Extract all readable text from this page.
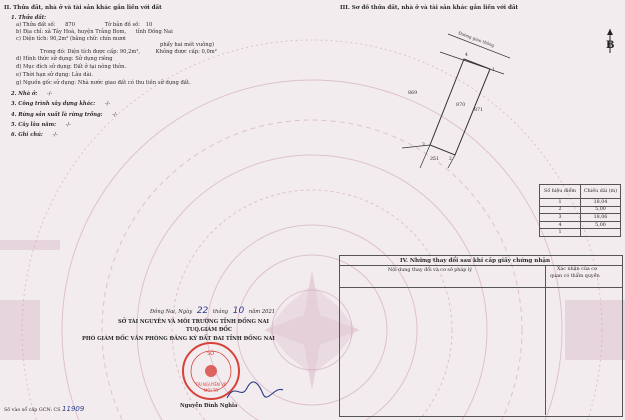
II. Thửa đất, nhà ở và tài sản khác gắn liền với đất
1. Thửa đất:
a) Thửa đất số: 870	Tờ bản đồ số: 10
b) Địa chỉ: xã Tây Hoà, huyện Trảng Bom, tỉnh Đồng Nai
c) Diện tích: 90,2m² (bằng chữ: chín mươi
phẩy hai mét vuông)
Trong đó: Diện tích được cấp: 90,2m²,	Không được cấp: 0,0m²
d) Hình thức sử dụng: Sử dụng riêng
đ) Mục đích sử dụng: Đất ở tại nông thôn.
e) Thời hạn sử dụng: Lâu dài.
g) Nguồn gốc sử dụng: Nhà nước giao đất có thu tiền sử dụng đất.
2. Nhà ở: -/-
3. Công trình xây dựng khác: -/-
4. Rừng sản xuất là rừng trồng: -/-
5. Cây lâu năm: -/-
6. Ghi chú: -/-
III. Sơ đồ thửa đất, nhà ở và tài sản khác gắn liền với đất
Đường giao thông
4
1
3
2
870
869
871
251
B
Số hiệu điểm	Chiều dài (m)
1	18,04
2	5,00
3	18,06
4	5,00
1	
IV. Những thay đổi sau khi cấp giấy chứng nhận
Nội dung thay đổi và cơ sở pháp lý	Xác nhận của cơ
quan có thẩm quyền
Đồng Nai, Ngày 22 tháng 10 năm 2021
SỞ TÀI NGUYÊN VÀ MÔI TRƯỜNG TỈNH ĐỒNG NAI
TUQ.GIÁM ĐỐC
PHÓ GIÁM ĐỐC VĂN PHÒNG ĐĂNG KÝ ĐẤT ĐAI TỈNH ĐỒNG NAI
SỞ
TÀI NGUYÊN VÀ
MÔI TR
Nguyễn Đình Nghĩa
Số vào sổ cấp GCN: CS 11909
